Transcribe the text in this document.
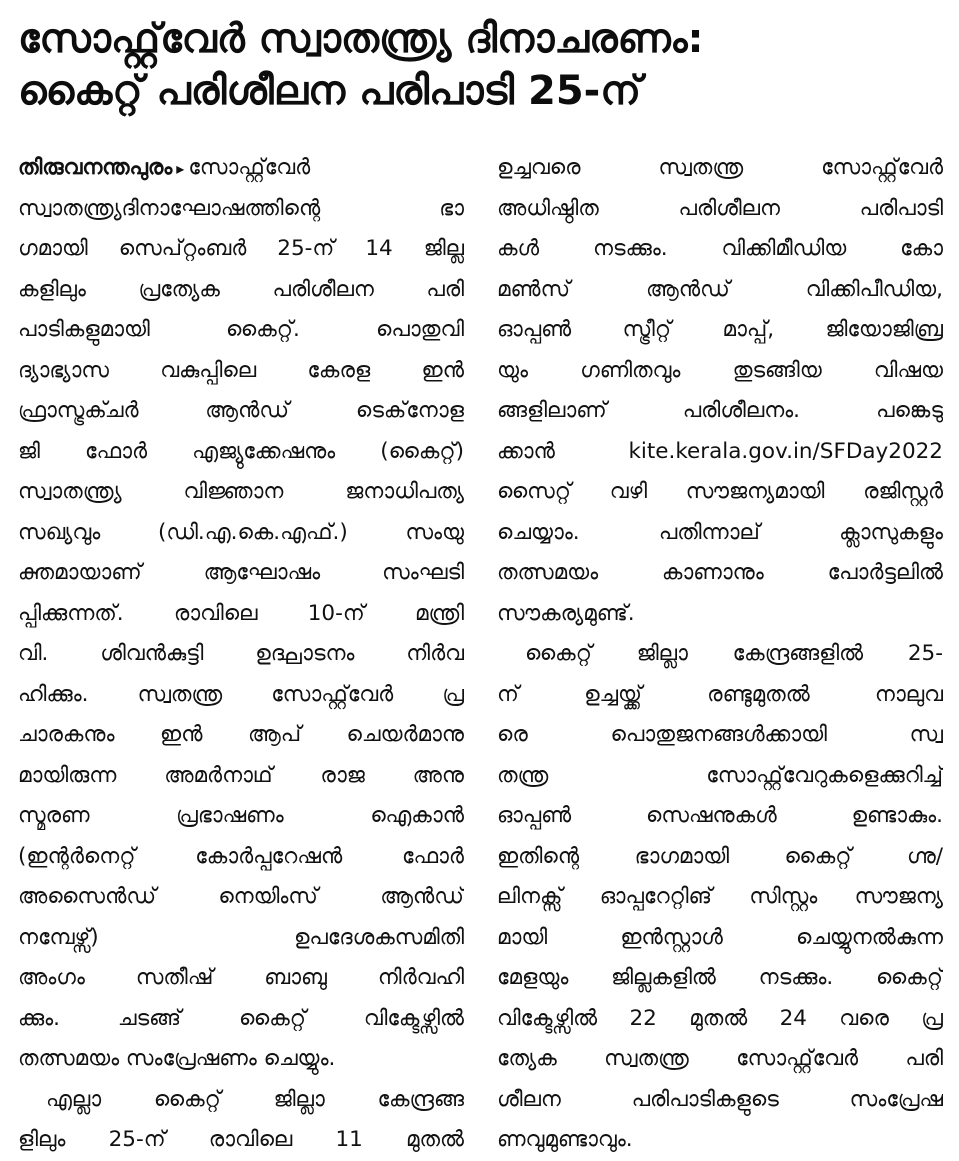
സോഫ്റ്റ്‌വേർ സ്വാതന്ത്ര്യ ദിനാചരണം:
കൈറ്റ് പരിശീലന പരിപാടി 25-ന്
തിരുവനന്തപുരം ▸ സോഫ്റ്റ്‌വേർ
സ്വാതന്ത്ര്യദിനാഘോഷത്തിന്റെ ഭാ
ഗമായി സെപ്റ്റംബർ 25-ന് 14 ജില്ല
കളിലും പ്രത്യേക പരിശീലന പരി
പാടികളുമായി കൈറ്റ്. പൊതുവി
ദ്യാഭ്യാസ വകുപ്പിലെ കേരള ഇൻ
ഫ്രാസ്ട്രക്ചർ ആൻഡ് ടെക്‌നോള
ജി ഫോർ എജ്യുക്കേഷനും (കൈറ്റ്)
സ്വാതന്ത്ര്യ വിജ്ഞാന ജനാധിപത്യ
സഖ്യവും (ഡി.എ.കെ.എഫ്.) സംയു
ക്തമായാണ് ആഘോഷം സംഘടി
പ്പിക്കുന്നത്. രാവിലെ 10-ന് മന്ത്രി
വി. ശിവൻകുട്ടി ഉദ്ഘാടനം നിർവ
ഹിക്കും. സ്വതന്ത്ര സോഫ്റ്റ്‌വേർ പ്ര
ചാരകനും ഇൻ ആപ് ചെയർമാനു
മായിരുന്ന അമർനാഥ് രാജ അനു
സ്മരണ പ്രഭാഷണം ഐകാൻ
(ഇന്റർനെറ്റ് കോർപ്പറേഷൻ ഫോർ
അസൈൻഡ് നെയിംസ് ആൻഡ്
നമ്പേഴ്സ്) ഉപദേശകസമിതി
അംഗം സതീഷ് ബാബു നിർവഹി
ക്കും. ചടങ്ങ് കൈറ്റ് വിക്ടേഴ്സിൽ
തത്സമയം സംപ്രേഷണം ചെയ്യും.
എല്ലാ കൈറ്റ് ജില്ലാ കേന്ദ്രങ്ങ
ളിലും 25-ന് രാവിലെ 11 മുതൽ
ഉച്ചവരെ സ്വതന്ത്ര സോഫ്റ്റ്‌വേർ
അധിഷ്ഠിത പരിശീലന പരിപാടി
കൾ നടക്കും. വിക്കിമീഡിയ കോ
മൺസ് ആൻഡ് വിക്കിപീഡിയ,
ഓപ്പൺ സ്ട്രീറ്റ് മാപ്പ്, ജിയോജിബ്ര
യും ഗണിതവും തുടങ്ങിയ വിഷയ
ങ്ങളിലാണ് പരിശീലനം. പങ്കെടു
ക്കാൻ kite.kerala.gov.in/SFDay2022
സൈറ്റ് വഴി സൗജന്യമായി രജിസ്റ്റർ
ചെയ്യാം. പതിന്നാല് ക്ലാസുകളും
തത്സമയം കാണാനും പോർട്ടലിൽ
സൗകര്യമുണ്ട്.
കൈറ്റ് ജില്ലാ കേന്ദ്രങ്ങളിൽ 25-
ന് ഉച്ചയ്ക്ക് രണ്ടുമുതൽ നാലുവ
രെ പൊതുജനങ്ങൾക്കായി സ്വ
തന്ത്ര സോഫ്റ്റ്‌വേറുകളെക്കുറിച്ച്
ഓപ്പൺ സെഷനുകൾ ഉണ്ടാകും.
ഇതിന്റെ ഭാഗമായി കൈറ്റ് ഗ്നു/
ലിനക്സ് ഓപ്പറേറ്റിങ് സിസ്റ്റം സൗജന്യ
മായി ഇൻസ്റ്റാൾ ചെയ്യുനൽകുന്ന
മേളയും ജില്ലകളിൽ നടക്കും. കൈറ്റ്
വിക്ടേഴ്സിൽ 22 മുതൽ 24 വരെ പ്ര
ത്യേക സ്വതന്ത്ര സോഫ്റ്റ്‌വേർ പരി
ശീലന പരിപാടികളുടെ സംപ്രേഷ
ണവുമുണ്ടാവും.
